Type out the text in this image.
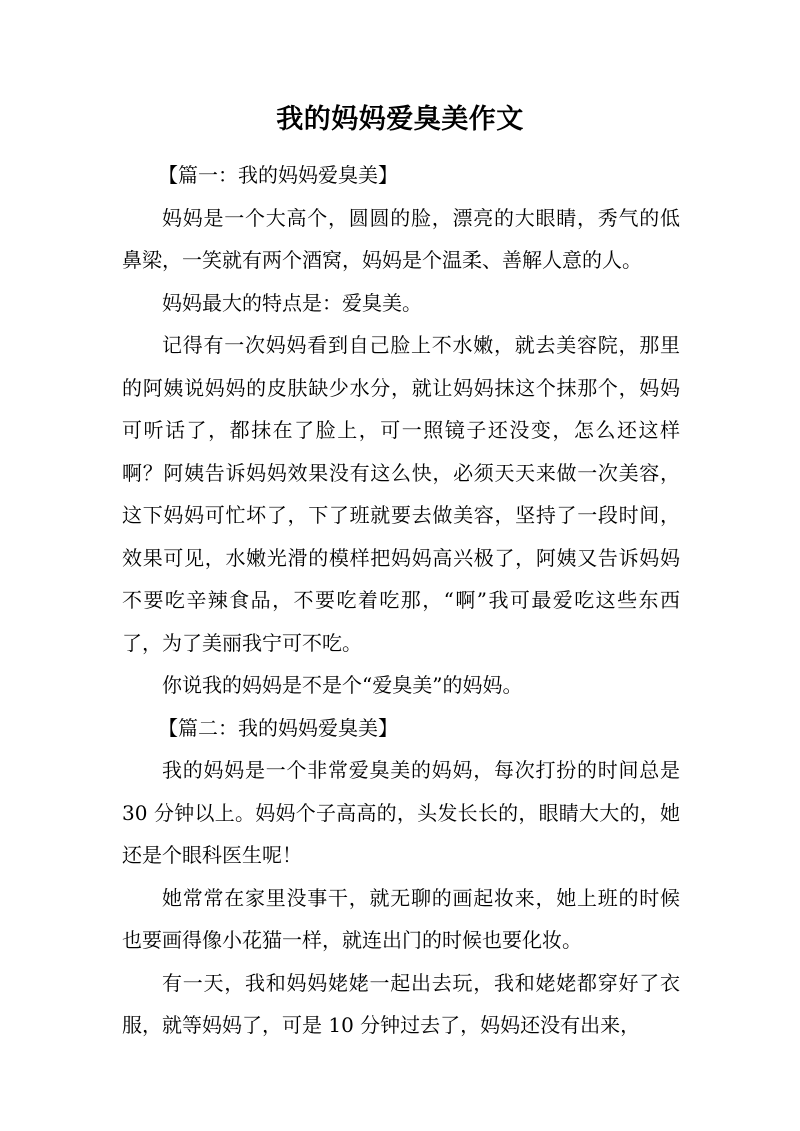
我的妈妈爱臭美作文

【篇一：我的妈妈爱臭美】

妈妈是一个大高个，圆圆的脸，漂亮的大眼睛，秀气的低鼻梁，一笑就有两个酒窝，妈妈是个温柔、善解人意的人。

妈妈最大的特点是：爱臭美。

记得有一次妈妈看到自己脸上不水嫩，就去美容院，那里的阿姨说妈妈的皮肤缺少水分，就让妈妈抹这个抹那个，妈妈可听话了，都抹在了脸上，可一照镜子还没变，怎么还这样啊？阿姨告诉妈妈效果没有这么快，必须天天来做一次美容，这下妈妈可忙坏了，下了班就要去做美容，坚持了一段时间，效果可见，水嫩光滑的模样把妈妈高兴极了，阿姨又告诉妈妈不要吃辛辣食品，不要吃着吃那，“啊”我可最爱吃这些东西了，为了美丽我宁可不吃。

你说我的妈妈是不是个“爱臭美”的妈妈。

【篇二：我的妈妈爱臭美】

我的妈妈是一个非常爱臭美的妈妈，每次打扮的时间总是 30 分钟以上。妈妈个子高高的，头发长长的，眼睛大大的，她还是个眼科医生呢！

她常常在家里没事干，就无聊的画起妆来，她上班的时候也要画得像小花猫一样，就连出门的时候也要化妆。

有一天，我和妈妈姥姥一起出去玩，我和姥姥都穿好了衣服，就等妈妈了，可是 10 分钟过去了，妈妈还没有出来，
